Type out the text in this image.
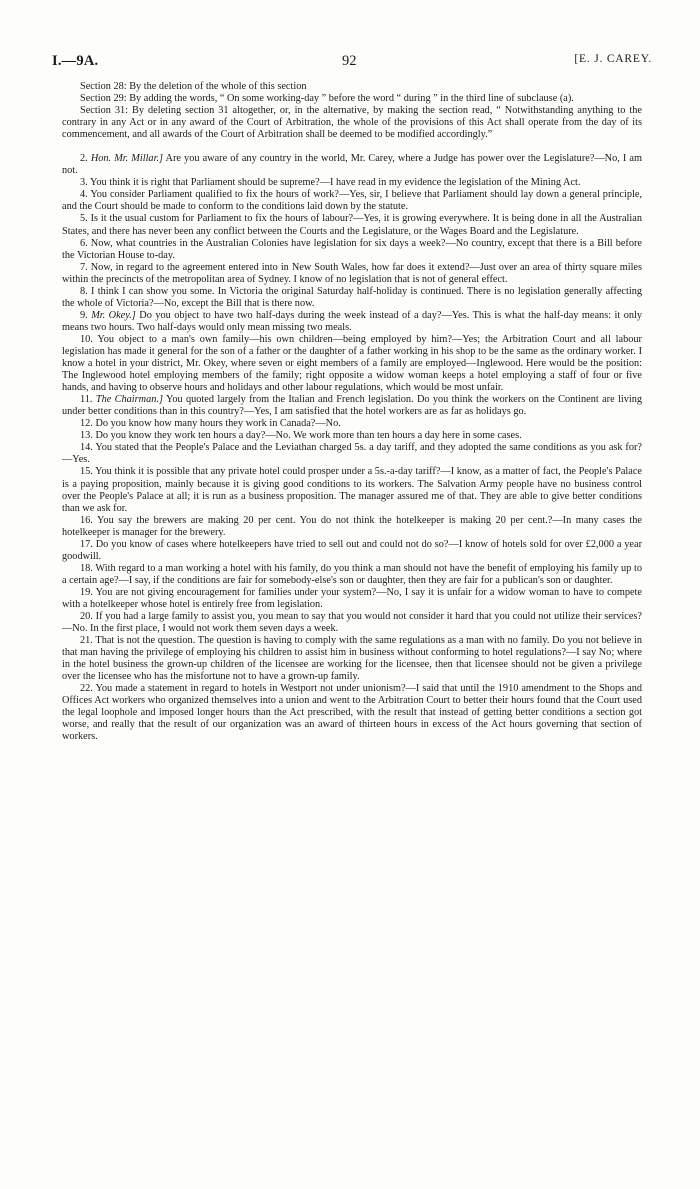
I.—9A.	92	[E. J. CAREY.

Section 28: By the deletion of the whole of this section

Section 29: By adding the words, “ On some working-day ” before the word “ during ” in the third line of subclause (a).

Section 31: By deleting section 31 altogether, or, in the alternative, by making the section read, “ Notwithstanding anything to the contrary in any Act or in any award of the Court of Arbitration, the whole of the provisions of this Act shall operate from the day of its commencement, and all awards of the Court of Arbitration shall be deemed to be modified accordingly.”

2. Hon. Mr. Millar.] Are you aware of any country in the world, Mr. Carey, where a Judge has power over the Legislature?—No, I am not.

3. You think it is right that Parliament should be supreme?—I have read in my evidence the legislation of the Mining Act.

4. You consider Parliament qualified to fix the hours of work?—Yes, sir, I believe that Parliament should lay down a general principle, and the Court should be made to conform to the conditions laid down by the statute.

5. Is it the usual custom for Parliament to fix the hours of labour?—Yes, it is growing everywhere. It is being done in all the Australian States, and there has never been any conflict between the Courts and the Legislature, or the Wages Board and the Legislature.

6. Now, what countries in the Australian Colonies have legislation for six days a week?—No country, except that there is a Bill before the Victorian House to-day.

7. Now, in regard to the agreement entered into in New South Wales, how far does it extend?—Just over an area of thirty square miles within the precincts of the metropolitan area of Sydney. I know of no legislation that is not of general effect.

8. I think I can show you some. In Victoria the original Saturday half-holiday is continued. There is no legislation generally affecting the whole of Victoria?—No, except the Bill that is there now.

9. Mr. Okey.] Do you object to have two half-days during the week instead of a day?—Yes. This is what the half-day means: it only means two hours. Two half-days would only mean missing two meals.

10. You object to a man's own family—his own children—being employed by him?—Yes; the Arbitration Court and all labour legislation has made it general for the son of a father or the daughter of a father working in his shop to be the same as the ordinary worker. I know a hotel in your district, Mr. Okey, where seven or eight members of a family are employed—Inglewood. Here would be the position: The Inglewood hotel employing members of the family; right opposite a widow woman keeps a hotel employing a staff of four or five hands, and having to observe hours and holidays and other labour regulations, which would be most unfair.

11. The Chairman.] You quoted largely from the Italian and French legislation. Do you think the workers on the Continent are living under better conditions than in this country?—Yes, I am satisfied that the hotel workers are as far as holidays go.

12. Do you know how many hours they work in Canada?—No.

13. Do you know they work ten hours a day?—No. We work more than ten hours a day here in some cases.

14. You stated that the People's Palace and the Leviathan charged 5s. a day tariff, and they adopted the same conditions as you ask for?—Yes.

15. You think it is possible that any private hotel could prosper under a 5s.-a-day tariff?—I know, as a matter of fact, the People's Palace is a paying proposition, mainly because it is giving good conditions to its workers. The Salvation Army people have no business control over the People's Palace at all; it is run as a business proposition. The manager assured me of that. They are able to give better conditions than we ask for.

16. You say the brewers are making 20 per cent. You do not think the hotelkeeper is making 20 per cent.?—In many cases the hotelkeeper is manager for the brewery.

17. Do you know of cases where hotelkeepers have tried to sell out and could not do so?—I know of hotels sold for over £2,000 a year goodwill.

18. With regard to a man working a hotel with his family, do you think a man should not have the benefit of employing his family up to a certain age?—I say, if the conditions are fair for somebody-else's son or daughter, then they are fair for a publican's son or daughter.

19. You are not giving encouragement for families under your system?—No, I say it is unfair for a widow woman to have to compete with a hotelkeeper whose hotel is entirely free from legislation.

20. If you had a large family to assist you, you mean to say that you would not consider it hard that you could not utilize their services?—No. In the first place, I would not work them seven days a week.

21. That is not the question. The question is having to comply with the same regulations as a man with no family. Do you not believe in that man having the privilege of employing his children to assist him in business without conforming to hotel regulations?—I say No; where in the hotel business the grown-up children of the licensee are working for the licensee, then that licensee should not be given a privilege over the licensee who has the misfortune not to have a grown-up family.

22. You made a statement in regard to hotels in Westport not under unionism?—I said that until the 1910 amendment to the Shops and Offices Act workers who organized themselves into a union and went to the Arbitration Court to better their hours found that the Court used the legal loophole and imposed longer hours than the Act prescribed, with the result that instead of getting better conditions a section got worse, and really that the result of our organization was an award of thirteen hours in excess of the Act hours governing that section of workers.
